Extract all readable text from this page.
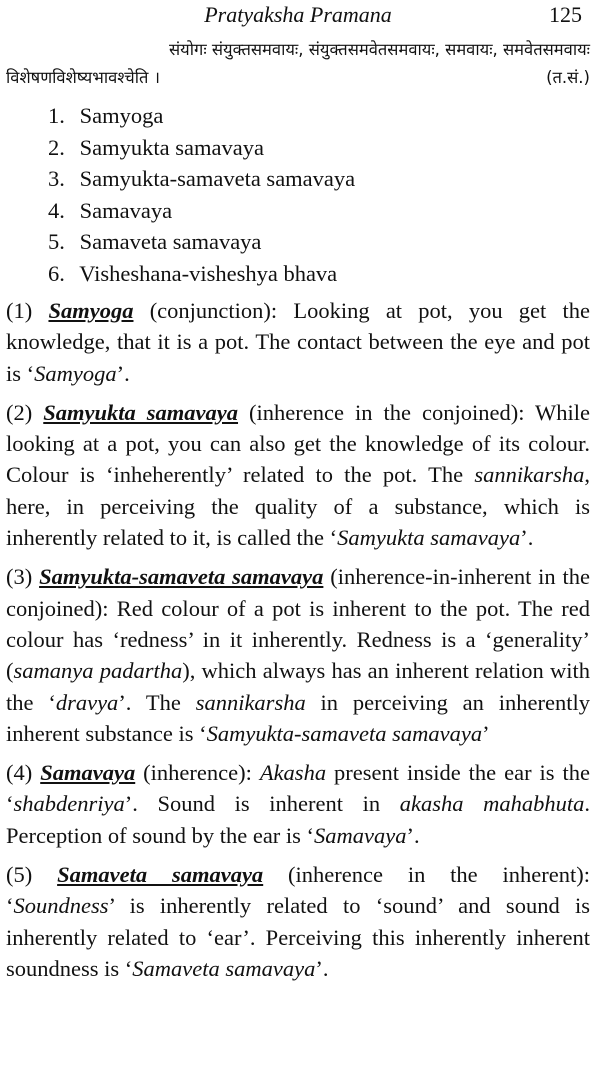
Pratyaksha Pramana	125
संयोगः संयुक्तसमवायः, संयुक्तसमवेतसमवायः, समवायः, समवेतसमवायः
विशेषणविशेष्यभावश्चेति ।	(त.सं.)
1. Samyoga
2. Samyukta samavaya
3. Samyukta-samaveta samavaya
4. Samavaya
5. Samaveta samavaya
6. Visheshana-visheshya bhava

(1) Samyoga (conjunction): Looking at pot, you get the knowledge, that it is a pot. The contact between the eye and pot is ‘Samyoga’.

(2) Samyukta samavaya (inherence in the conjoined): While looking at a pot, you can also get the knowledge of its colour. Colour is ‘inheherently’ related to the pot. The sannikarsha, here, in perceiving the quality of a substance, which is inherently related to it, is called the ‘Samyukta samavaya’.

(3) Samyukta-samaveta samavaya (inherence-in-inherent in the conjoined): Red colour of a pot is inherent to the pot. The red colour has ‘redness’ in it inherently. Redness is a ‘generality’ (samanya padartha), which always has an inherent relation with the ‘dravya’. The sannikarsha in perceiving an inherently inherent substance is ‘Samyukta-samaveta samavaya’

(4) Samavaya (inherence): Akasha present inside the ear is the ‘shabdenriya’. Sound is inherent in akasha mahabhuta. Perception of sound by the ear is ‘Samavaya’.

(5) Samaveta samavaya (inherence in the inherent): ‘Soundness’ is inherently related to ‘sound’ and sound is inherently related to ‘ear’. Perceiving this inherently inherent soundness is ‘Samaveta samavaya’.
